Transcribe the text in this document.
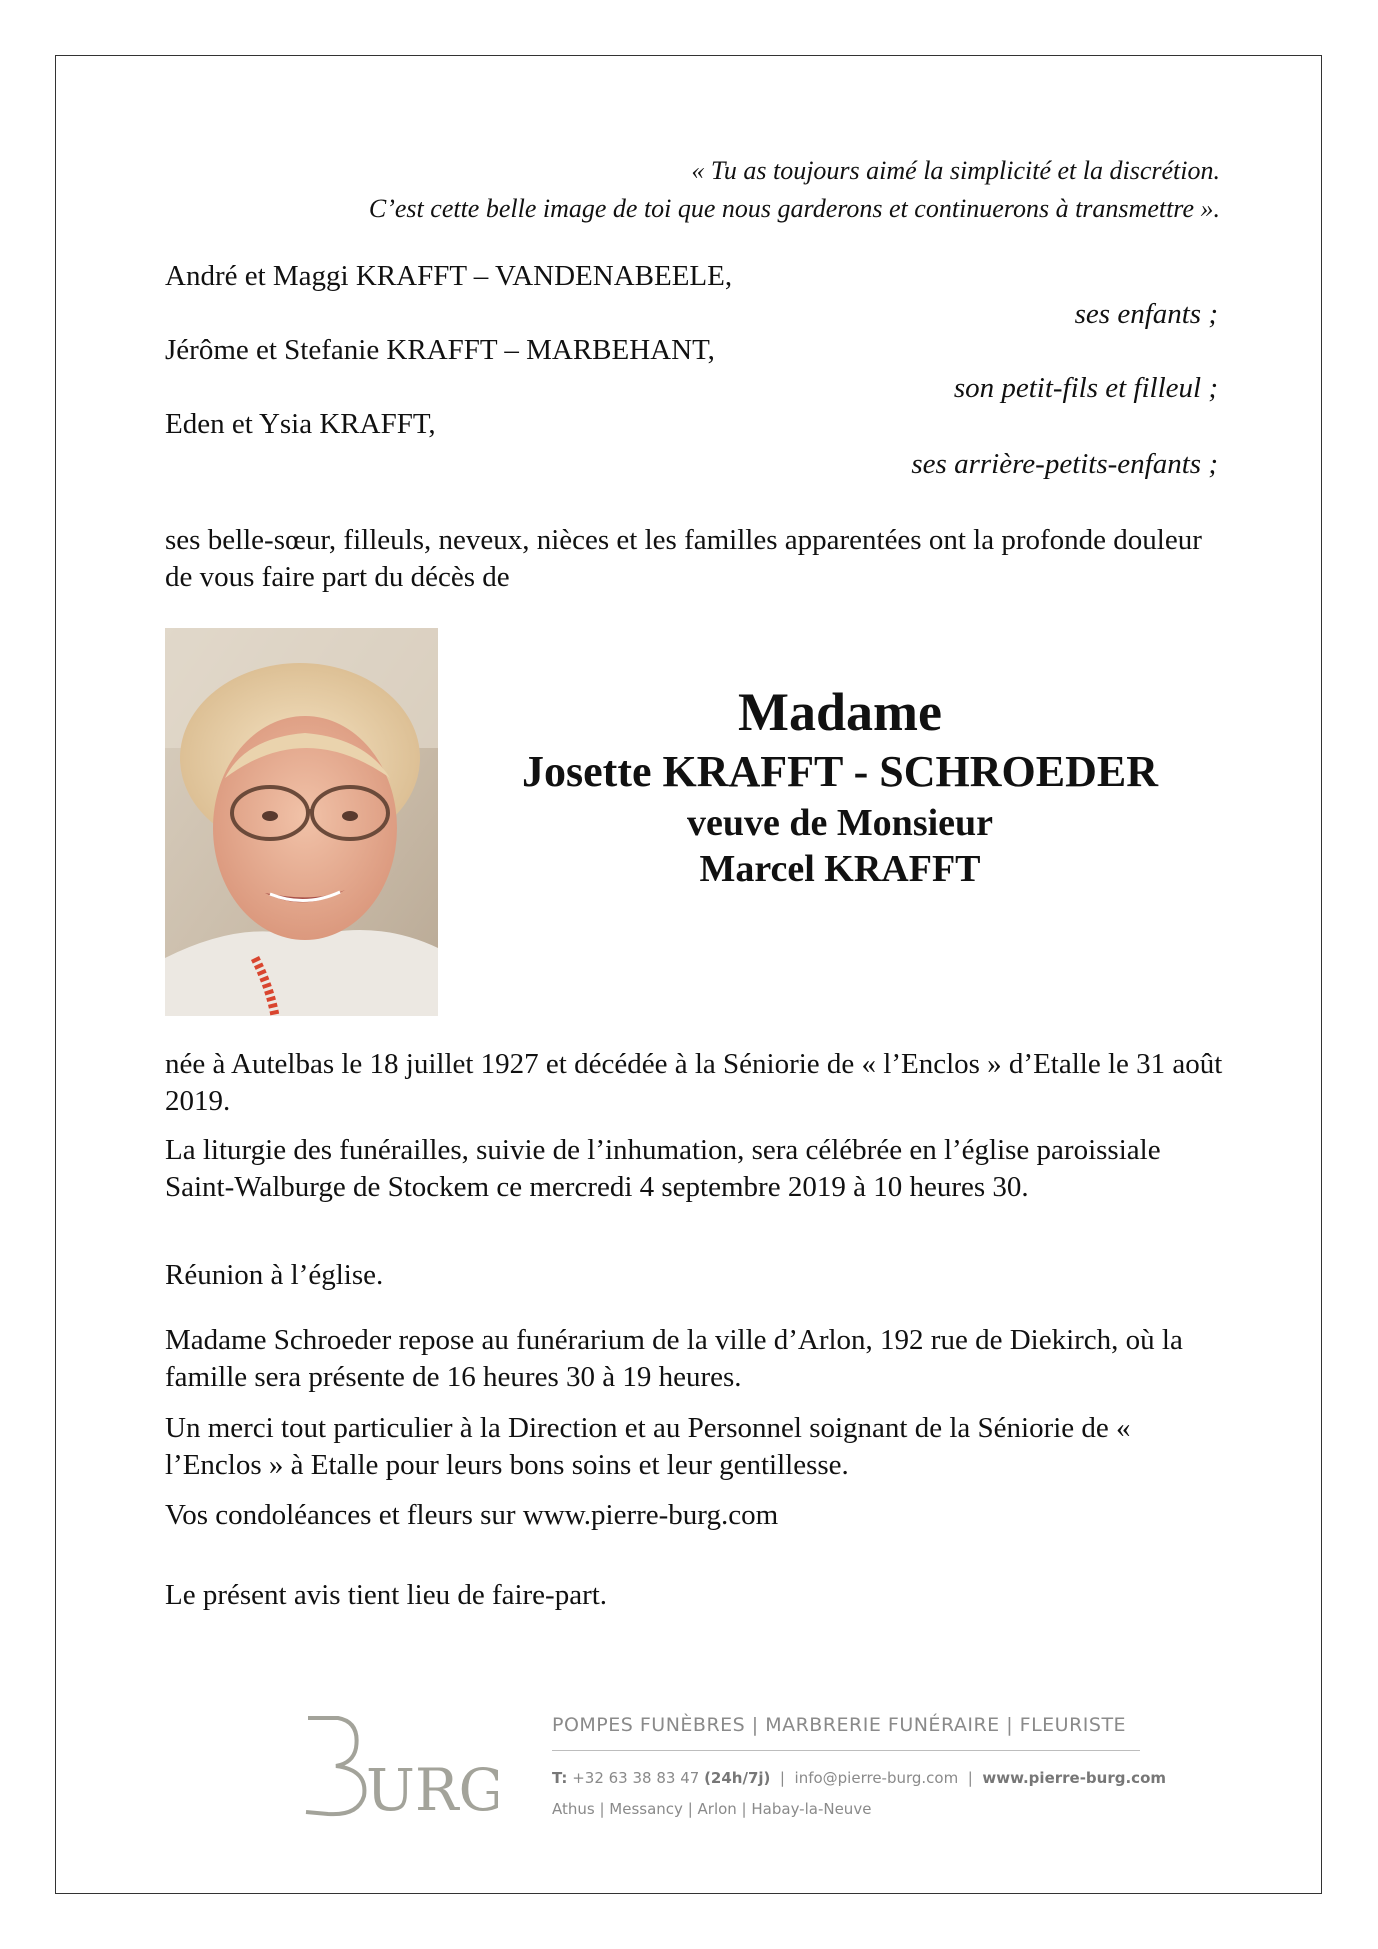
« Tu as toujours aimé la simplicité et la discrétion.
C’est cette belle image de toi que nous garderons et continuerons à transmettre ».
André et Maggi KRAFFT – VANDENABEELE,
ses enfants ;
Jérôme et Stefanie KRAFFT – MARBEHANT,
son petit-fils et filleul ;
Eden et Ysia KRAFFT,
ses arrière-petits-enfants ;
ses belle-sœur, filleuls, neveux, nièces et les familles apparentées ont la profonde douleur de vous faire part du décès de
Madame
Josette KRAFFT - SCHROEDER
veuve de Monsieur
Marcel KRAFFT
née à Autelbas le 18 juillet 1927 et décédée à la Séniorie de « l’Enclos » d’Etalle le 31 août 2019.
La liturgie des funérailles, suivie de l’inhumation, sera célébrée en l’église paroissiale Saint-Walburge de Stockem ce mercredi 4 septembre 2019 à 10 heures 30.
Réunion à l’église.
Madame Schroeder repose au funérarium de la ville d’Arlon, 192 rue de Diekirch, où la famille sera présente de 16 heures 30 à 19 heures.
Un merci tout particulier à la Direction et au Personnel soignant de la Séniorie de « l’Enclos » à Etalle pour leurs bons soins et leur gentillesse.
Vos condoléances et fleurs sur www.pierre-burg.com
Le présent avis tient lieu de faire-part.
URG
POMPES FUNÈBRES | MARBRERIE FUNÉRAIRE | FLEURISTE
T: +32 63 38 83 47 (24h/7j)  |  info@pierre-burg.com  |  www.pierre-burg.com
Athus | Messancy | Arlon | Habay-la-Neuve
